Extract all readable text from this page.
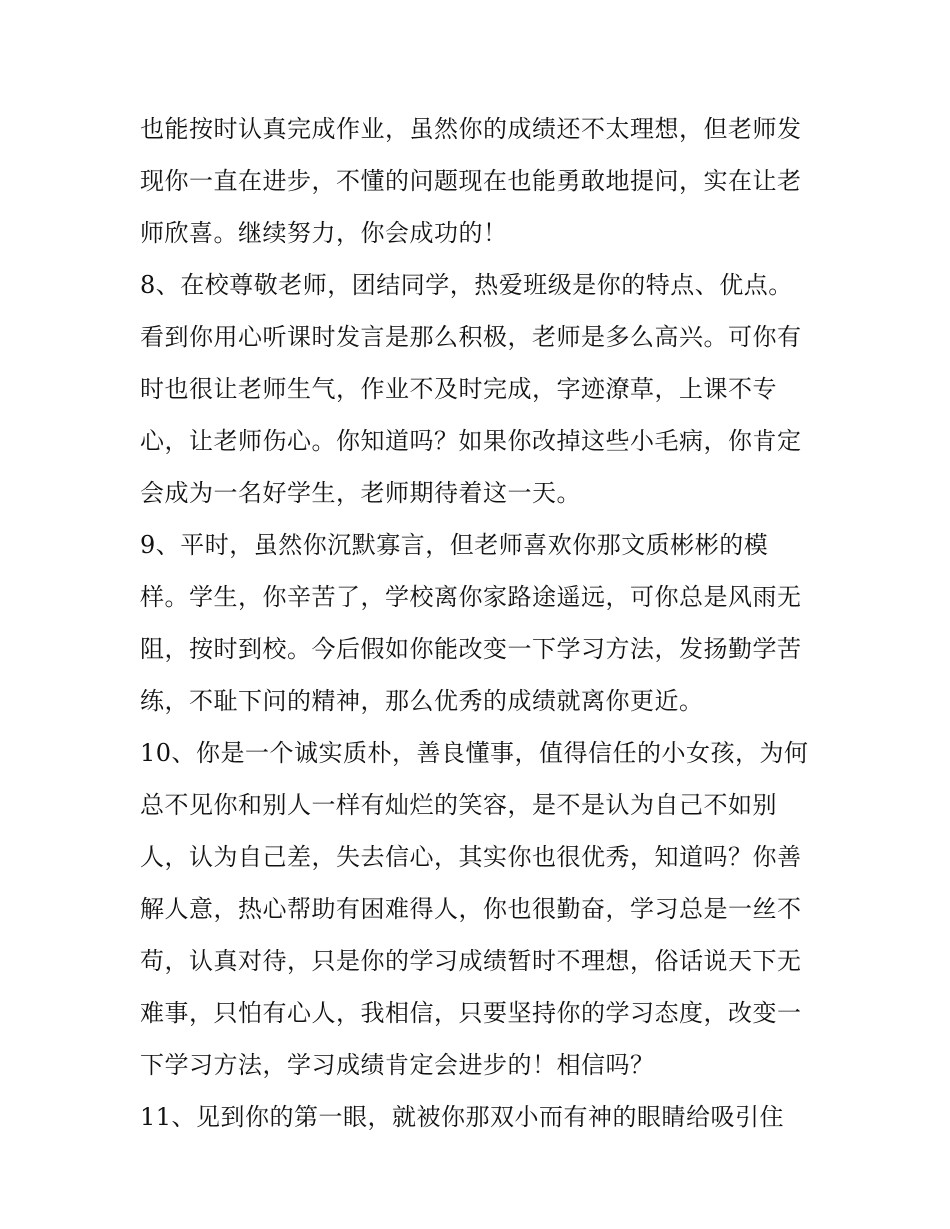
也能按时认真完成作业，虽然你的成绩还不太理想，但老师发
现你一直在进步，不懂的问题现在也能勇敢地提问，实在让老
师欣喜。继续努力，你会成功的！
8、在校尊敬老师，团结同学，热爱班级是你的特点、优点。
看到你用心听课时发言是那么积极，老师是多么高兴。可你有
时也很让老师生气，作业不及时完成，字迹潦草，上课不专
心，让老师伤心。你知道吗？如果你改掉这些小毛病，你肯定
会成为一名好学生，老师期待着这一天。
9、平时，虽然你沉默寡言，但老师喜欢你那文质彬彬的模
样。学生，你辛苦了，学校离你家路途遥远，可你总是风雨无
阻，按时到校。今后假如你能改变一下学习方法，发扬勤学苦
练，不耻下问的精神，那么优秀的成绩就离你更近。
10、你是一个诚实质朴，善良懂事，值得信任的小女孩，为何
总不见你和别人一样有灿烂的笑容，是不是认为自己不如别
人，认为自己差，失去信心，其实你也很优秀，知道吗？你善
解人意，热心帮助有困难得人，你也很勤奋，学习总是一丝不
苟，认真对待，只是你的学习成绩暂时不理想，俗话说天下无
难事，只怕有心人，我相信，只要坚持你的学习态度，改变一
下学习方法，学习成绩肯定会进步的！相信吗？
11、见到你的第一眼，就被你那双小而有神的眼睛给吸引住
